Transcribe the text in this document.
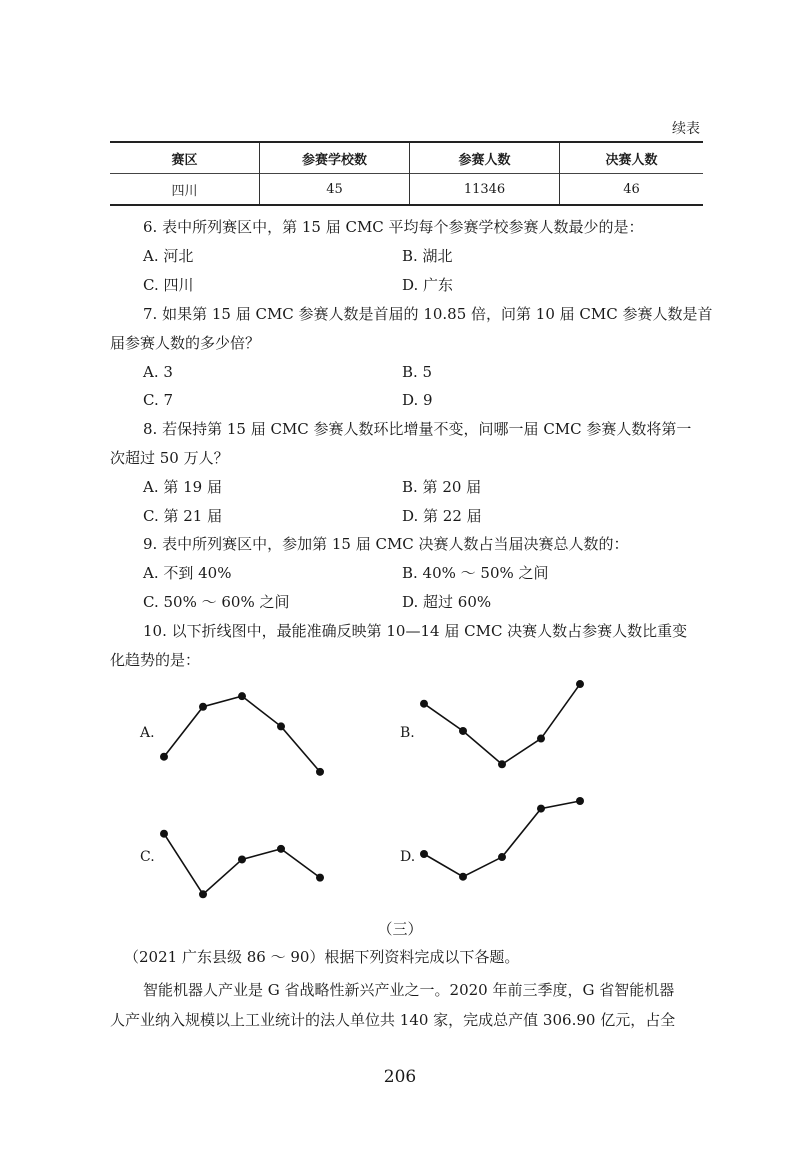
续表
赛区	参赛学校数	参赛人数	决赛人数
四川	45	11346	46
6. 表中所列赛区中，第 15 届 CMC 平均每个参赛学校参赛人数最少的是：
A. 河北	B. 湖北
C. 四川	D. 广东
7. 如果第 15 届 CMC 参赛人数是首届的 10.85 倍，问第 10 届 CMC 参赛人数是首
届参赛人数的多少倍？
A. 3	B. 5
C. 7	D. 9
8. 若保持第 15 届 CMC 参赛人数环比增量不变，问哪一届 CMC 参赛人数将第一
次超过 50 万人？
A. 第 19 届	B. 第 20 届
C. 第 21 届	D. 第 22 届
9. 表中所列赛区中，参加第 15 届 CMC 决赛人数占当届决赛总人数的：
A. 不到 40%	B. 40% ～ 50% 之间
C. 50% ～ 60% 之间	D. 超过 60%
10. 以下折线图中，最能准确反映第 10—14 届 CMC 决赛人数占参赛人数比重变
化趋势的是：
A.	B.
C.	D.
（三）
（2021 广东县级 86 ～ 90）根据下列资料完成以下各题。
智能机器人产业是 G 省战略性新兴产业之一。2020 年前三季度，G 省智能机器
人产业纳入规模以上工业统计的法人单位共 140 家，完成总产值 306.90 亿元，占全
206
